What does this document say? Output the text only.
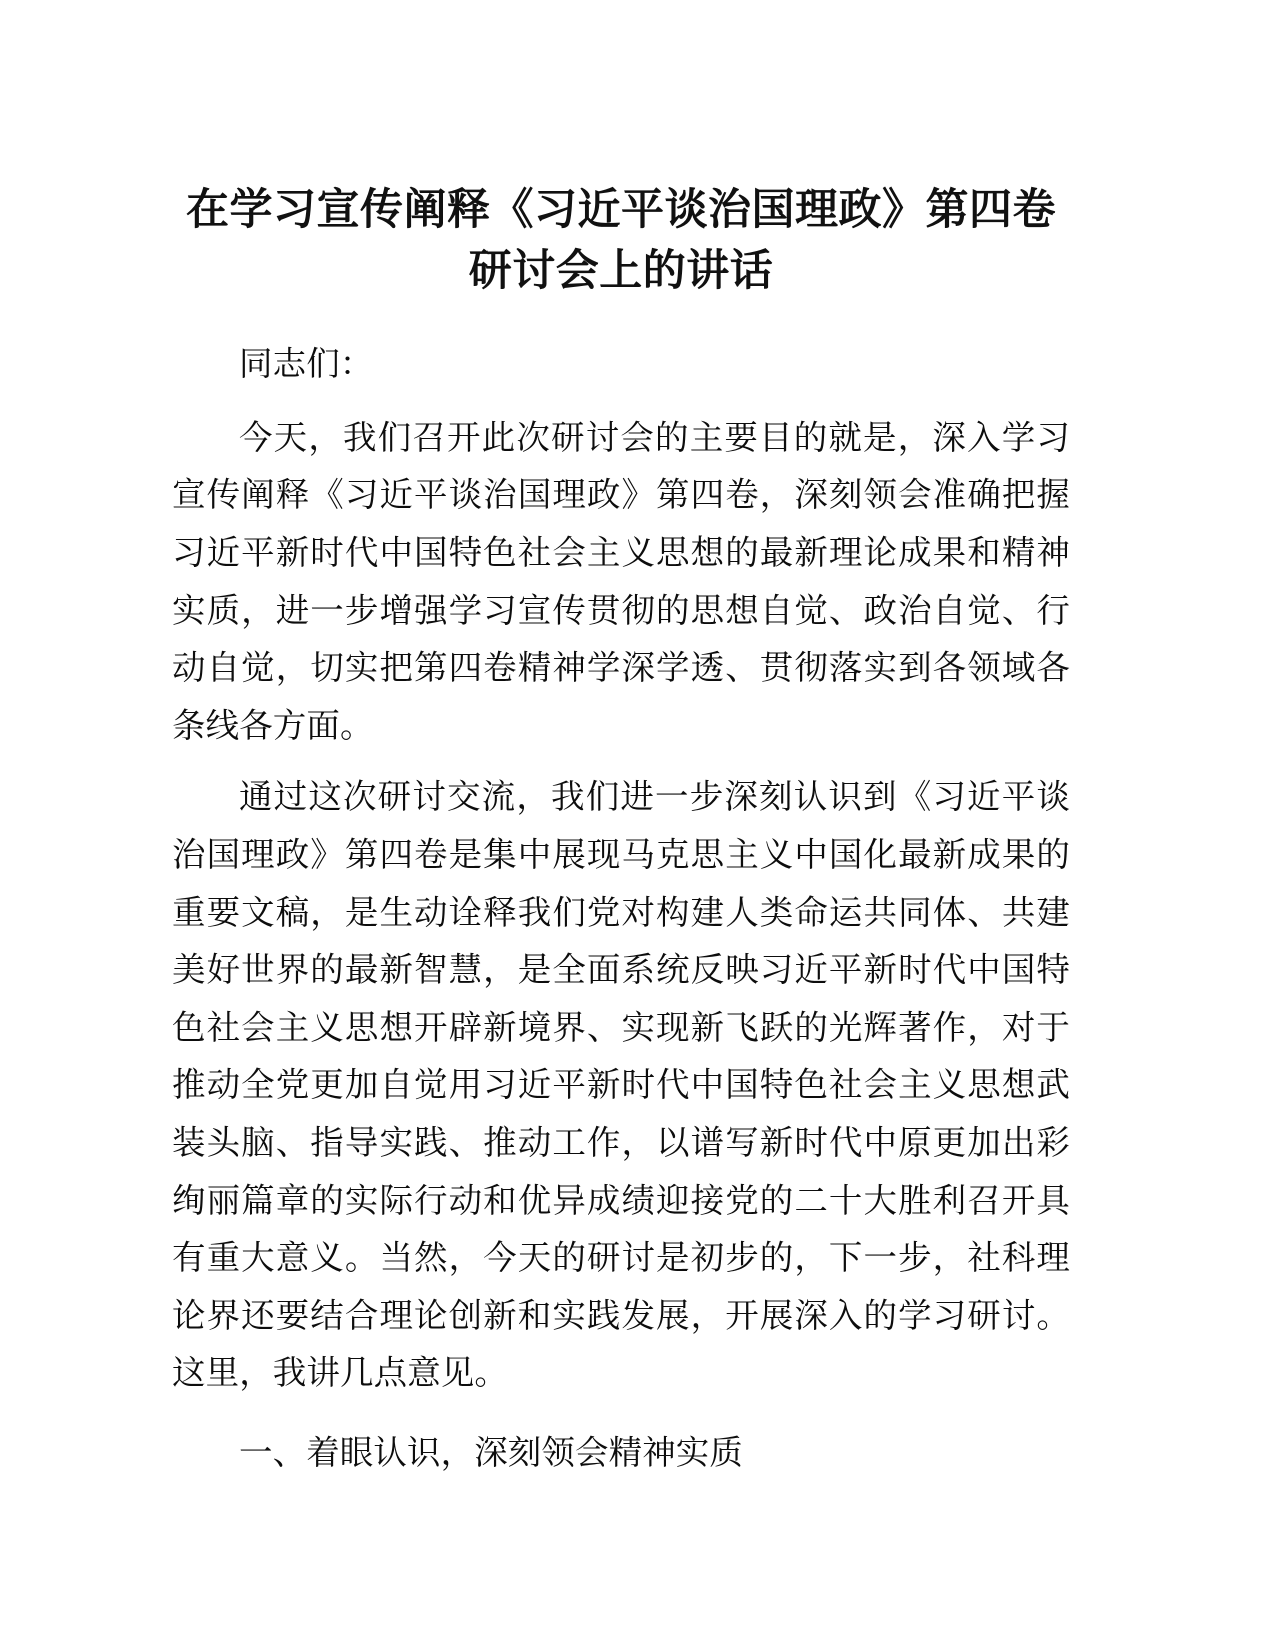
在学习宣传阐释《习近平谈治国理政》第四卷研讨会上的讲话

同志们：

今天，我们召开此次研讨会的主要目的就是，深入学习宣传阐释《习近平谈治国理政》第四卷，深刻领会准确把握习近平新时代中国特色社会主义思想的最新理论成果和精神实质，进一步增强学习宣传贯彻的思想自觉、政治自觉、行动自觉，切实把第四卷精神学深学透、贯彻落实到各领域各条线各方面。

通过这次研讨交流，我们进一步深刻认识到《习近平谈治国理政》第四卷是集中展现马克思主义中国化最新成果的重要文稿，是生动诠释我们党对构建人类命运共同体、共建美好世界的最新智慧，是全面系统反映习近平新时代中国特色社会主义思想开辟新境界、实现新飞跃的光辉著作，对于推动全党更加自觉用习近平新时代中国特色社会主义思想武装头脑、指导实践、推动工作，以谱写新时代中原更加出彩绚丽篇章的实际行动和优异成绩迎接党的二十大胜利召开具有重大意义。当然，今天的研讨是初步的，下一步，社科理论界还要结合理论创新和实践发展，开展深入的学习研讨。这里，我讲几点意见。

一、着眼认识，深刻领会精神实质
